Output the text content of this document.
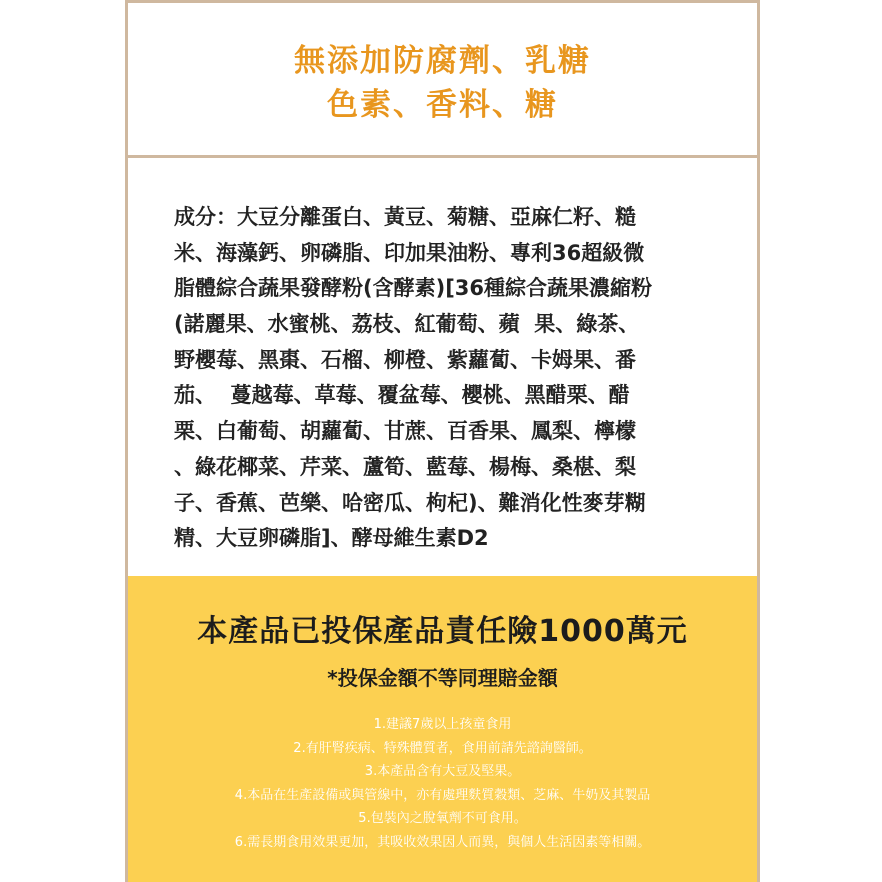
無添加防腐劑、乳糖
色素、香料、糖
成分：大豆分離蛋白、黃豆、菊糖、亞麻仁籽、糙
米、海藻鈣、卵磷脂、印加果油粉、專利36超級微
脂體綜合蔬果發酵粉(含酵素)[36種綜合蔬果濃縮粉
(諾麗果、水蜜桃、荔枝、紅葡萄、蘋  果、綠茶、
野櫻莓、黑棗、石榴、柳橙、紫蘿蔔、卡姆果、番
茄、  蔓越莓、草莓、覆盆莓、櫻桃、黑醋栗、醋
栗、白葡萄、胡蘿蔔、甘蔗、百香果、鳳梨、檸檬
、綠花椰菜、芹菜、蘆筍、藍莓、楊梅、桑椹、梨
子、香蕉、芭樂、哈密瓜、枸杞)、難消化性麥芽糊
精、大豆卵磷脂]、酵母維生素D2
本產品已投保產品責任險1000萬元
*投保金額不等同理賠金額
1.建議7歲以上孩童食用
2.有肝腎疾病、特殊體質者，食用前請先諮詢醫師。
3.本產品含有大豆及堅果。
4.本品在生產設備或與管線中，亦有處理麩質穀類、芝麻、牛奶及其製品
5.包裝內之脫氧劑不可食用。
6.需長期食用效果更加，其吸收效果因人而異，與個人生活因素等相關。
